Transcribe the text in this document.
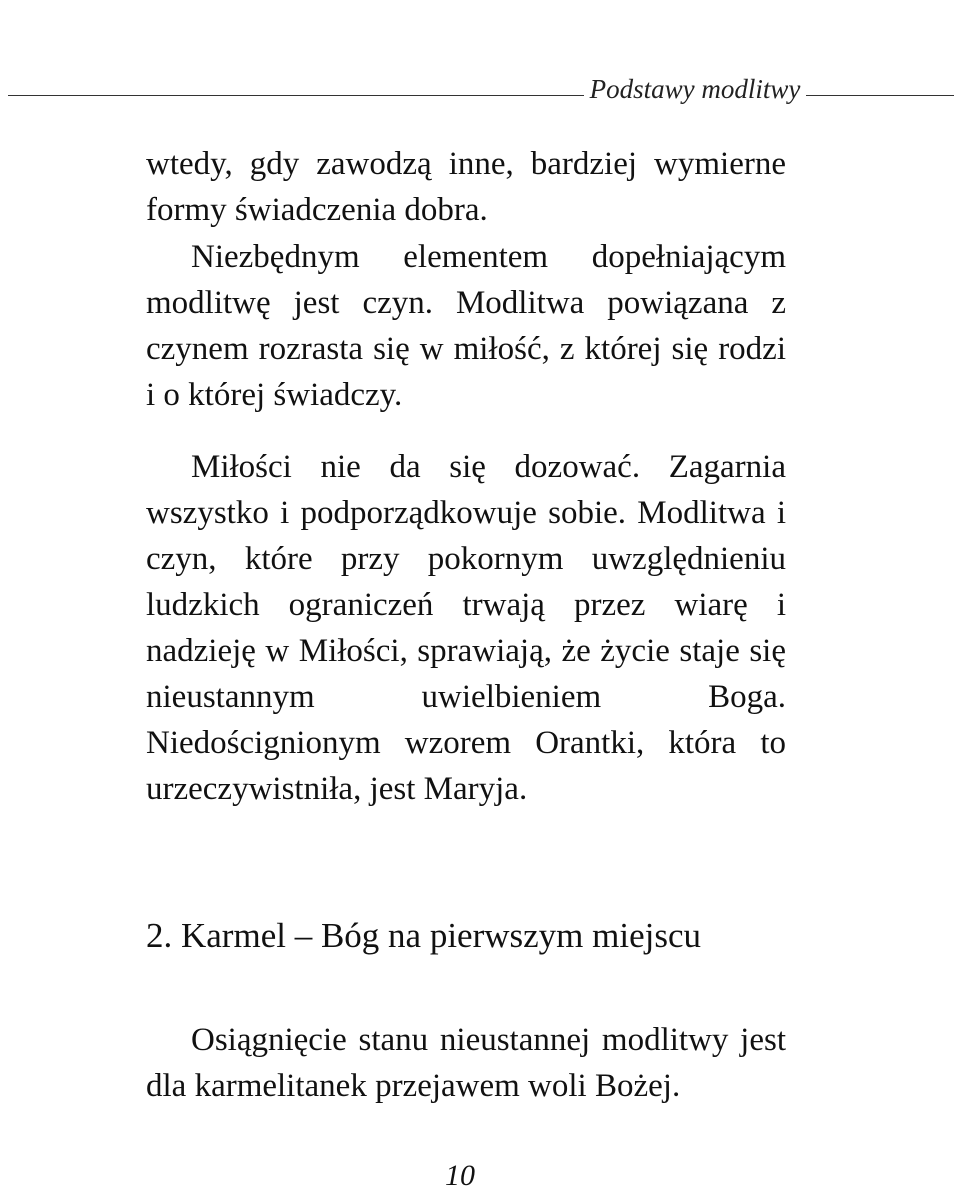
Podstawy modlitwy

wtedy, gdy zawodzą inne, bardziej wymierne formy świadczenia dobra.

Niezbędnym elementem dopełniającym modlitwę jest czyn. Modlitwa powiązana z czynem rozrasta się w miłość, z której się rodzi i o której świadczy.

Miłości nie da się dozować. Zagarnia wszystko i podporządkowuje sobie. Modlitwa i czyn, które przy pokornym uwzględnieniu ludzkich ograniczeń trwają przez wiarę i nadzieję w Miłości, sprawiają, że życie staje się nieustannym uwielbieniem Boga. Niedoścignionym wzorem Orantki, która to urzeczywistniła, jest Maryja.

2. Karmel – Bóg na pierwszym miejscu

Osiągnięcie stanu nieustannej modlitwy jest dla karmelitanek przejawem woli Bożej.

10
